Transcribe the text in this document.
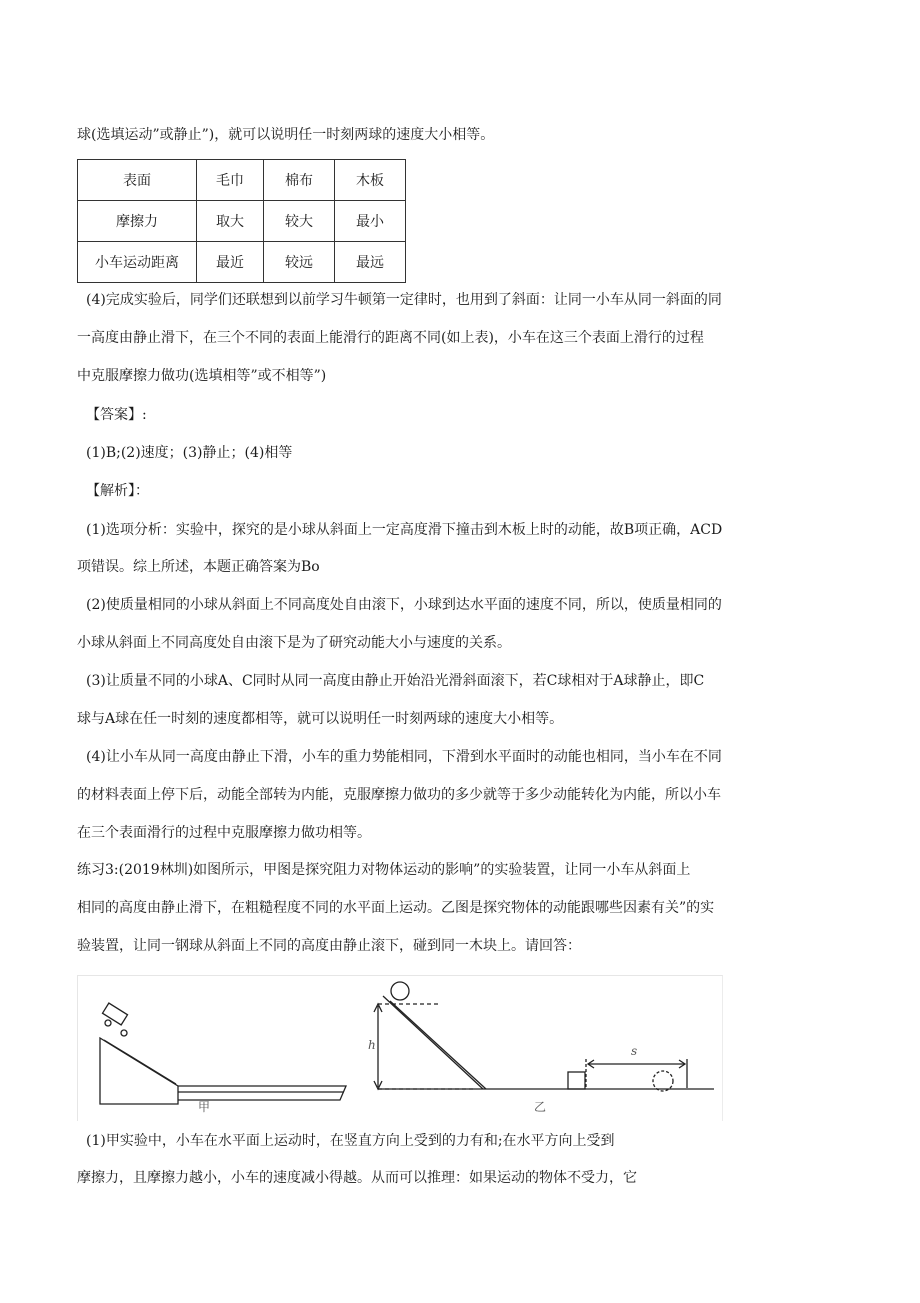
球(选填运动”或静止”)，就可以说明任一时刻两球的速度大小相等。
表面	毛巾	棉布	木板
摩擦力	取大	较大	最小
小车运动距离	最近	较远	最远
(4)完成实验后，同学们还联想到以前学习牛顿第一定律时，也用到了斜面：让同一小车从同一斜面的同
一高度由静止滑下，在三个不同的表面上能滑行的距离不同(如上表)，小车在这三个表面上滑行的过程
中克服摩擦力做功(选填相等”或不相等”)
【答案】:
(1)B;(2)速度；(3)静止；(4)相等
【解析】：
(1)选项分析：实验中，探究的是小球从斜面上一定高度滑下撞击到木板上时的动能，故B项正确，ACD
项错误。综上所述，本题正确答案为Bo
(2)使质量相同的小球从斜面上不同高度处自由滚下，小球到达水平面的速度不同，所以，使质量相同的
小球从斜面上不同高度处自由滚下是为了研究动能大小与速度的关系。
(3)让质量不同的小球A、C同时从同一高度由静止开始沿光滑斜面滚下，若C球相对于A球静止，即C
球与A球在任一时刻的速度都相等，就可以说明任一时刻两球的速度大小相等。
(4)让小车从同一高度由静止下滑，小车的重力势能相同，下滑到水平面时的动能也相同，当小车在不同
的材料表面上停下后，动能全部转为内能，克服摩擦力做功的多少就等于多少动能转化为内能，所以小车
在三个表面滑行的过程中克服摩擦力做功相等。
练习3:(2019林圳)如图所示，甲图是探究阻力对物体运动的影响”的实验装置，让同一小车从斜面上
相同的高度由静止滑下，在粗糙程度不同的水平面上运动。乙图是探究物体的动能跟哪些因素有关”的实
验装置，让同一钢球从斜面上不同的高度由静止滚下，碰到同一木块上。请回答：
甲	乙
h	s
(1)甲实验中，小车在水平面上运动时，在竖直方向上受到的力有和;在水平方向上受到
摩擦力，且摩擦力越小，小车的速度减小得越。从而可以推理：如果运动的物体不受力，它
